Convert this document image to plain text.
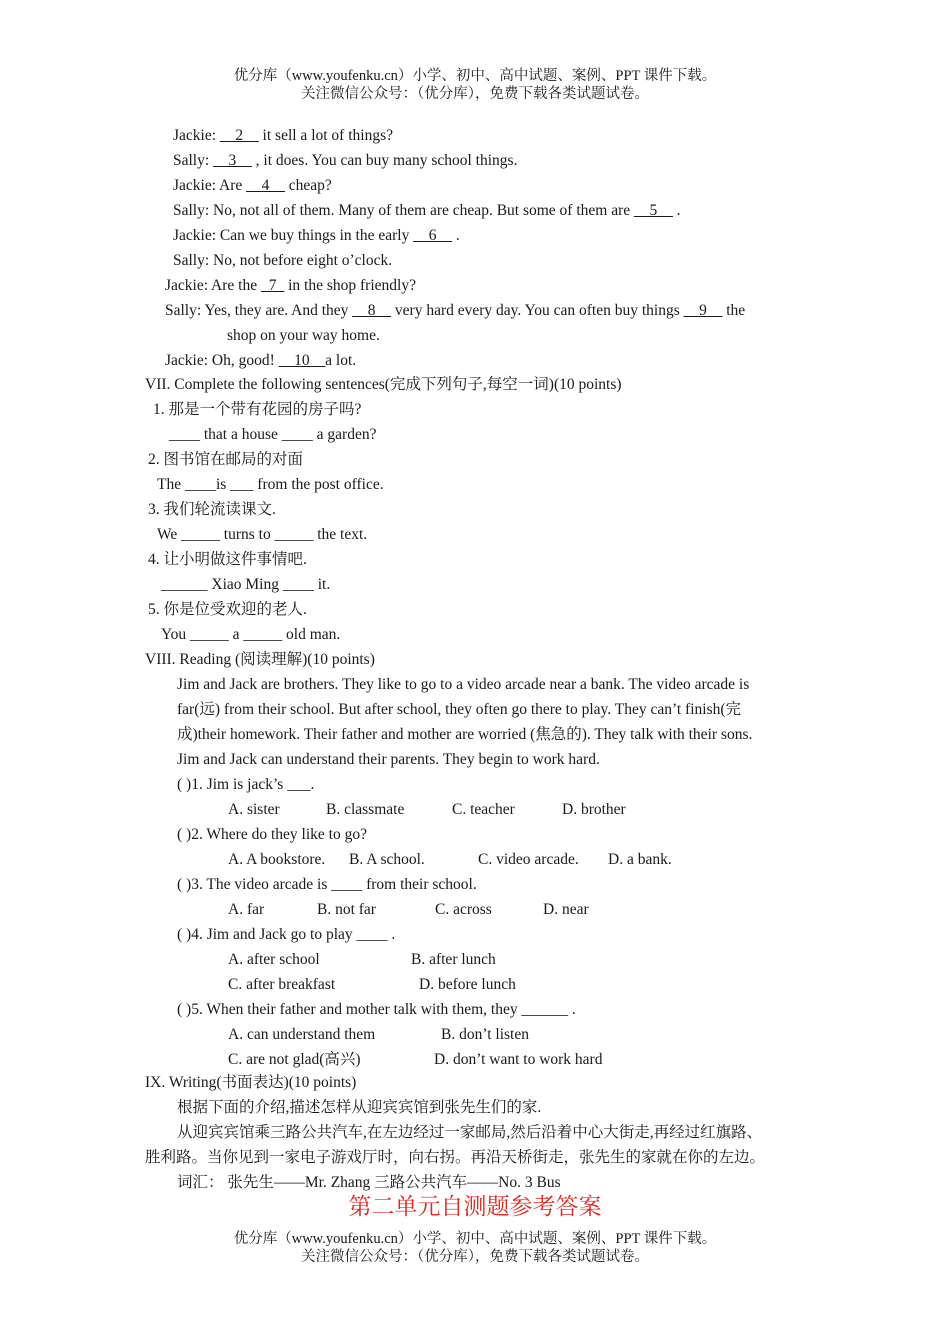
优分库（www.youfenku.cn）小学、初中、高中试题、案例、PPT 课件下载。
关注微信公众号：（优分库），免费下载各类试题试卷。
Jackie: __2__ it sell a lot of things?
Sally: __3__ , it does. You can buy many school things.
Jackie: Are __4__ cheap?
Sally: No, not all of them. Many of them are cheap. But some of them are __5__ .
Jackie: Can we buy things in the early __6__ .
Sally: No, not before eight o’clock.
Jackie: Are the _7_ in the shop friendly?
Sally: Yes, they are. And they __8__ very hard every day. You can often buy things __9__ the
shop on your way home.
Jackie: Oh, good! __10__a lot.
VII. Complete the following sentences(完成下列句子,每空一词)(10 points)
1. 那是一个带有花园的房子吗?
____ that a house ____ a garden?
2. 图书馆在邮局的对面
The ____is ___ from the post office.
3. 我们轮流读课文.
We _____ turns to _____ the text.
4. 让小明做这件事情吧.
______ Xiao Ming ____ it.
5. 你是位受欢迎的老人.
You _____ a _____ old man.
VIII. Reading (阅读理解)(10 points)
Jim and Jack are brothers. They like to go to a video arcade near a bank. The video arcade is
far(远) from their school. But after school, they often go there to play. They can’t finish(完
成)their homework. Their father and mother are worried (焦急的). They talk with their sons.
Jim and Jack can understand their parents. They begin to work hard.
( )1. Jim is jack’s ___.
A. sister	B. classmate	C. teacher	D. brother
( )2. Where do they like to go?
A. A bookstore. B. A school.	C. video arcade. D. a bank.
( )3. The video arcade is ____ from their school.
A. far	B. not far	C. across	D. near
( )4. Jim and Jack go to play ____ .
A. after school	B. after lunch
C. after breakfast	D. before lunch
( )5. When their father and mother talk with them, they ______ .
A. can understand them	B. don’t listen
C. are not glad(高兴)	D. don’t want to work hard
IX. Writing(书面表达)(10 points)
根据下面的介绍,描述怎样从迎宾宾馆到张先生们的家.
从迎宾宾馆乘三路公共汽车,在左边经过一家邮局,然后沿着中心大街走,再经过红旗路、
胜利路。当你见到一家电子游戏厅时，向右拐。再沿天桥街走，张先生的家就在你的左边。
词汇： 张先生——Mr. Zhang 三路公共汽车——No. 3 Bus
第二单元自测题参考答案
优分库（www.youfenku.cn）小学、初中、高中试题、案例、PPT 课件下载。
关注微信公众号：（优分库），免费下载各类试题试卷。
